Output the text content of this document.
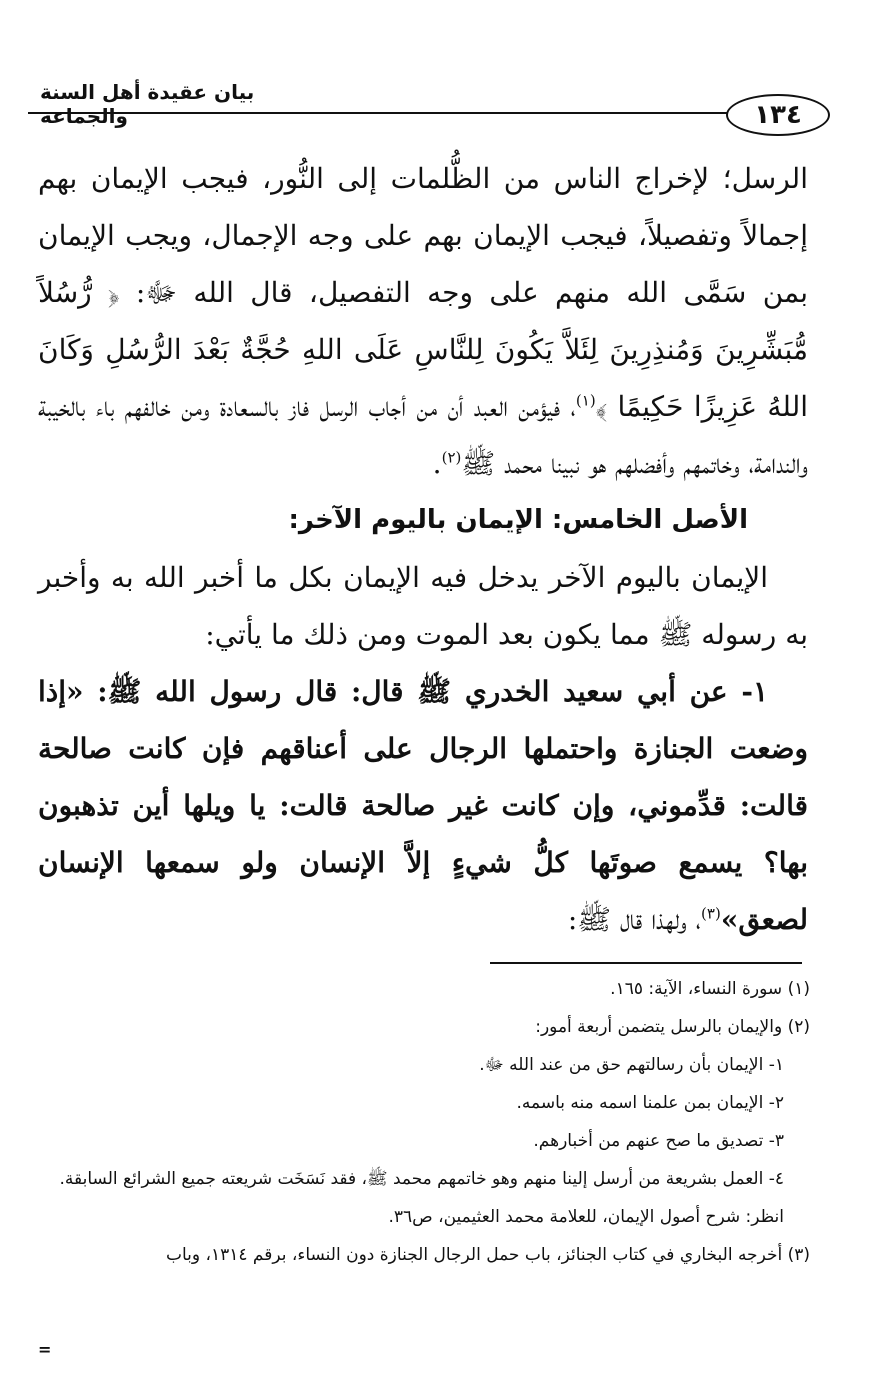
بيان عقيدة أهل السنة والجماعة	١٣٤

الرسل؛ لإخراج الناس من الظُّلمات إلى النُّور، فيجب الإيمان بهم إجمالاً وتفصيلاً، فيجب الإيمان بهم على وجه الإجمال، ويجب الإيمان بمن سَمَّى الله منهم على وجه التفصيل، قال الله ﷻ: ﴿ رُّسُلاً مُّبَشِّرِينَ وَمُنذِرِينَ لِئَلاَّ يَكُونَ لِلنَّاسِ عَلَى اللهِ حُجَّةٌ بَعْدَ الرُّسُلِ وَكَانَ اللهُ عَزِيزًا حَكِيمًا ﴾$^{(١)}$، فيؤمن العبد أن من أجاب الرسل فاز بالسعادة ومن خالفهم باء بالخيبة والندامة، وخاتمهم وأفضلهم هو نبينا محمد ﷺ$^{(٢)}$.

الأصل الخامس: الإيمان باليوم الآخر:

الإيمان باليوم الآخر يدخل فيه الإيمان بكل ما أخبر الله به وأخبر به رسوله ﷺ مما يكون بعد الموت ومن ذلك ما يأتي:

١- عن أبي سعيد الخدري ﷺ قال: قال رسول الله ﷺ: «إذا وضعت الجنازة واحتملها الرجال على أعناقهم فإن كانت صالحة قالت: قدِّموني، وإن كانت غير صالحة قالت: يا ويلها أين تذهبون بها؟ يسمع صوتَها كلُّ شيءٍ إلاَّ الإنسان ولو سمعها الإنسان لصعق»$^{(٣)}$، ولهذا قال ﷺ:

(١) سورة النساء، الآية: ١٦٥.

(٢) والإيمان بالرسل يتضمن أربعة أمور:

١- الإيمان بأن رسالتهم حق من عند الله ﷻ.

٢- الإيمان بمن علمنا اسمه منه باسمه.

٣- تصديق ما صح عنهم من أخبارهم.

٤- العمل بشريعة من أرسل إلينا منهم وهو خاتمهم محمد ﷺ، فقد نَسَخَت شريعته جميع الشرائع السابقة.

انظر: شرح أصول الإيمان، للعلامة محمد العثيمين، ص٣٦.

(٣) أخرجه البخاري في كتاب الجنائز، باب حمل الرجال الجنازة دون النساء، برقم ١٣١٤، وباب

=
